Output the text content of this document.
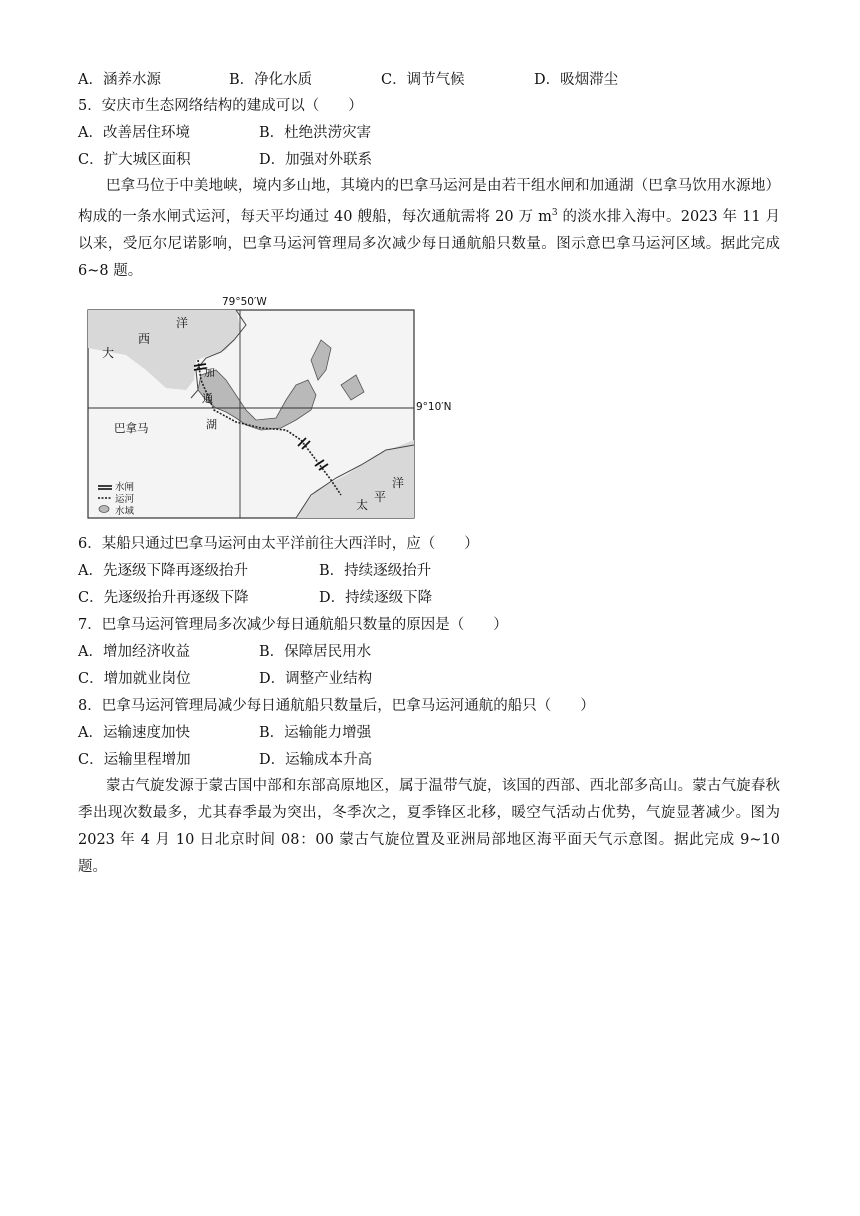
A．涵养水源	B．净化水质	C．调节气候	D．吸烟滞尘
5．安庆市生态网络结构的建成可以（　　）
A．改善居住环境	B．杜绝洪涝灾害
C．扩大城区面积	D．加强对外联系
巴拿马位于中美地峡，境内多山地，其境内的巴拿马运河是由若干组水闸和加通湖（巴拿马饮用水源地）构成的一条水闸式运河，每天平均通过 40 艘船，每次通航需将 20 万 $m^3$ 的淡水排入海中。2023 年 11 月以来，受厄尔尼诺影响，巴拿马运河管理局多次减少每日通航船只数量。图示意巴拿马运河区域。据此完成 6~8 题。
79°50′W
9°10′N
大
西
洋
加
通
湖
巴拿马
太
平
洋
水闸
运河
水域
6．某船只通过巴拿马运河由太平洋前往大西洋时，应（　　）
A．先逐级下降再逐级抬升	B．持续逐级抬升
C．先逐级抬升再逐级下降	D．持续逐级下降
7．巴拿马运河管理局多次减少每日通航船只数量的原因是（　　）
A．增加经济收益	B．保障居民用水
C．增加就业岗位	D．调整产业结构
8．巴拿马运河管理局减少每日通航船只数量后，巴拿马运河通航的船只（　　）
A．运输速度加快	B．运输能力增强
C．运输里程增加	D．运输成本升高
蒙古气旋发源于蒙古国中部和东部高原地区，属于温带气旋，该国的西部、西北部多高山。蒙古气旋春秋季出现次数最多，尤其春季最为突出，冬季次之，夏季锋区北移，暖空气活动占优势，气旋显著减少。图为 2023 年 4 月 10 日北京时间 08：00 蒙古气旋位置及亚洲局部地区海平面天气示意图。据此完成 9~10 题。
